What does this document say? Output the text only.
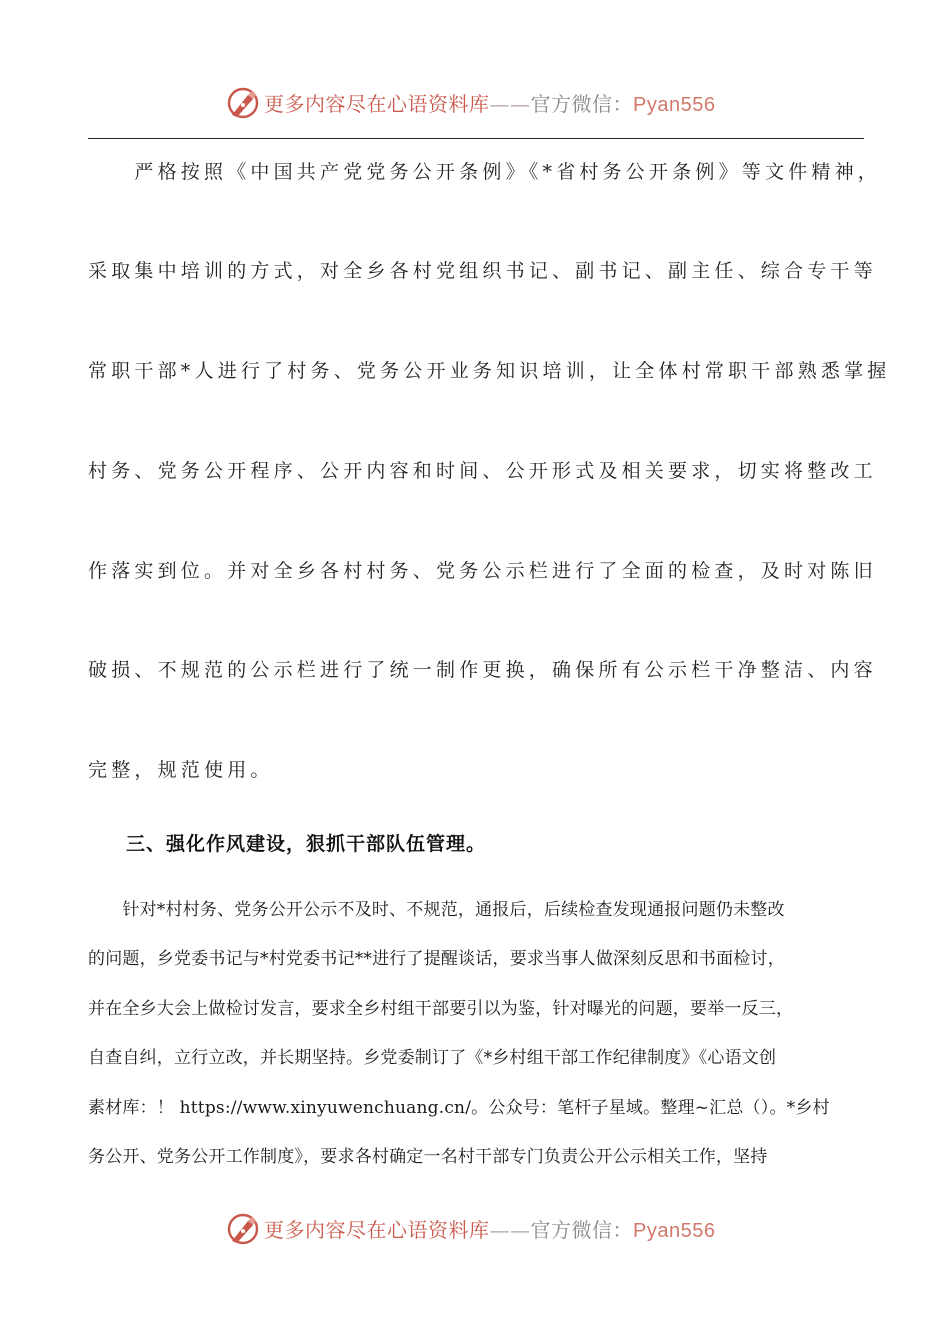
更多内容尽在心语资料库——官方微信：Pyan556
　　严格按照《中国共产党党务公开条例》《*省村务公开条例》等文件精神，
采取集中培训的方式，对全乡各村党组织书记、副书记、副主任、综合专干等
常职干部*人进行了村务、党务公开业务知识培训，让全体村常职干部熟悉掌握
村务、党务公开程序、公开内容和时间、公开形式及相关要求，切实将整改工
作落实到位。并对全乡各村村务、党务公示栏进行了全面的检查，及时对陈旧
破损、不规范的公示栏进行了统一制作更换，确保所有公示栏干净整洁、内容
完整，规范使用。
三、强化作风建设，狠抓干部队伍管理。
　　针对*村村务、党务公开公示不及时、不规范，通报后，后续检查发现通报问题仍未整改
的问题，乡党委书记与*村党委书记**进行了提醒谈话，要求当事人做深刻反思和书面检讨，
并在全乡大会上做检讨发言，要求全乡村组干部要引以为鉴，针对曝光的问题，要举一反三，
自查自纠，立行立改，并长期坚持。乡党委制订了《*乡村组干部工作纪律制度》《心语文创
素材库：！ https://www.xinyuwenchuang.cn/。公众号：笔杆子星域。整理~汇总（）。*乡村
务公开、党务公开工作制度》，要求各村确定一名村干部专门负责公开公示相关工作，坚持
更多内容尽在心语资料库——官方微信：Pyan556
